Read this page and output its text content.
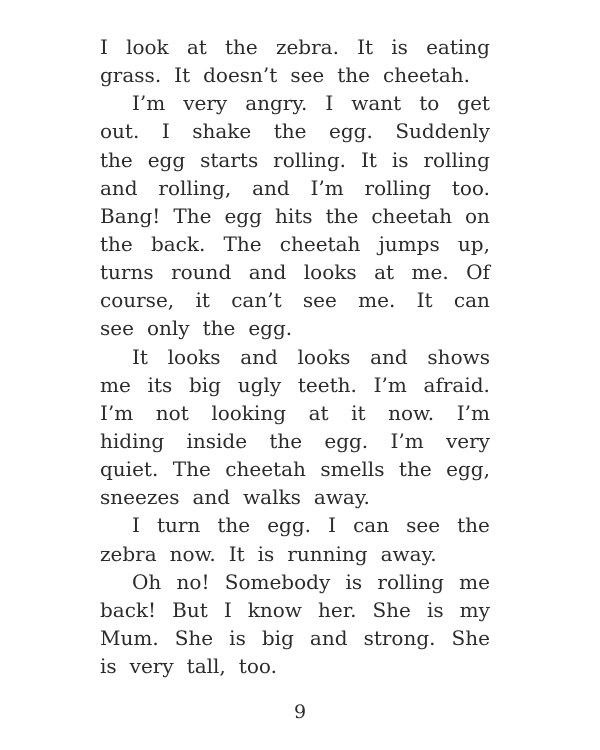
I look at the zebra. It is eating
grass. It doesn’t see the cheetah.
I’m very angry. I want to get
out. I shake the egg. Suddenly
the egg starts rolling. It is rolling
and rolling, and I’m rolling too.
Bang! The egg hits the cheetah on
the back. The cheetah jumps up,
turns round and looks at me. Of
course, it can’t see me. It can
see only the egg.
It looks and looks and shows
me its big ugly teeth. I’m afraid.
I’m not looking at it now. I’m
hiding inside the egg. I’m very
quiet. The cheetah smells the egg,
sneezes and walks away.
I turn the egg. I can see the
zebra now. It is running away.
Oh no! Somebody is rolling me
back! But I know her. She is my
Mum. She is big and strong. She
is very tall, too.
9
